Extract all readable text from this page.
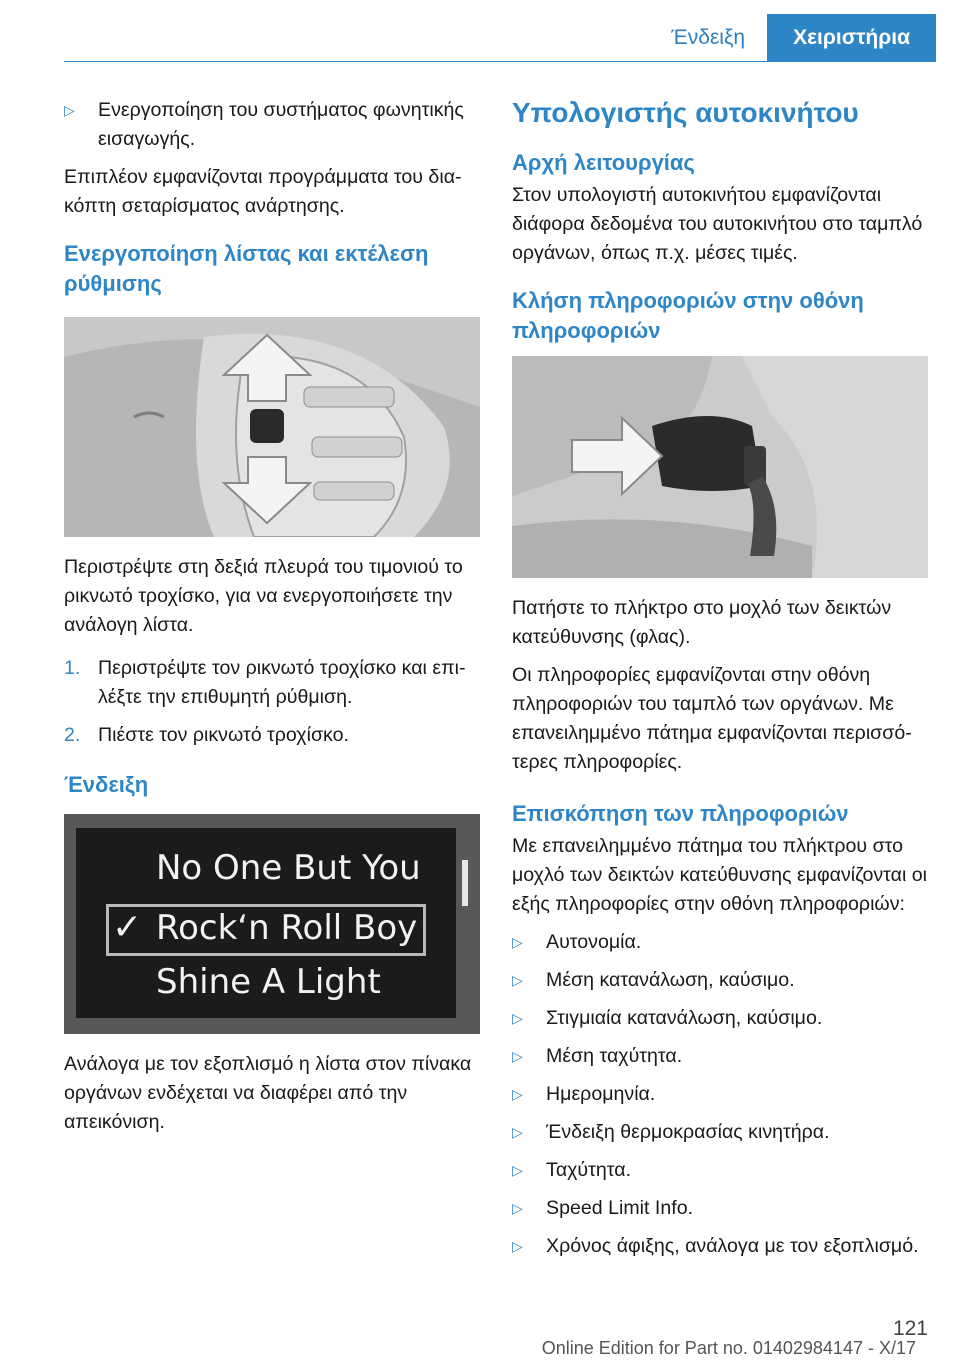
Ένδειξη	Χειριστήρια
▷	Ενεργοποίηση του συστήματος φωνητικής εισαγωγής.

Επιπλέον εμφανίζονται προγράμματα του διακόπτη σεταρίσματος ανάρτησης.

Ενεργοποίηση λίστας και εκτέλεση ρύθμισης

Περιστρέψτε στη δεξιά πλευρά του τιμονιού το ρικνωτό τροχίσκο, για να ενεργοποιήσετε την ανάλογη λίστα.

1. Περιστρέψτε τον ρικνωτό τροχίσκο και επιλέξτε την επιθυμητή ρύθμιση.
2. Πιέστε τον ρικνωτό τροχίσκο.
Ένδειξη
No One But You
✓ Rock‘n Roll Boy
Shine A Light

Ανάλογα με τον εξοπλισμό η λίστα στον πίνακα οργάνων ενδέχεται να διαφέρει από την απεικόνιση.

Υπολογιστής αυτοκινήτου
Αρχή λειτουργίας

Στον υπολογιστή αυτοκινήτου εμφανίζονται διάφορα δεδομένα του αυτοκινήτου στο ταμπλό οργάνων, όπως π.χ. μέσες τιμές.

Κλήση πληροφοριών στην οθόνη πληροφοριών

Πατήστε το πλήκτρο στο μοχλό των δεικτών κατεύθυνσης (φλας).

Οι πληροφορίες εμφανίζονται στην οθόνη πληροφοριών του ταμπλό των οργάνων. Με επανειλημμένο πάτημα εμφανίζονται περισσότερες πληροφορίες.

Επισκόπηση των πληροφοριών

Με επανειλημμένο πάτημα του πλήκτρου στο μοχλό των δεικτών κατεύθυνσης εμφανίζονται οι εξής πληροφορίες στην οθόνη πληροφοριών:

▷	Αυτονομία.
▷	Μέση κατανάλωση, καύσιμο.
▷	Στιγμιαία κατανάλωση, καύσιμο.
▷	Μέση ταχύτητα.
▷	Ημερομηνία.
▷	Ένδειξη θερμοκρασίας κινητήρα.
▷	Ταχύτητα.
▷	Speed Limit Info.
▷	Χρόνος άφιξης, ανάλογα με τον εξοπλισμό.
121
Online Edition for Part no. 01402984147 - X/17
